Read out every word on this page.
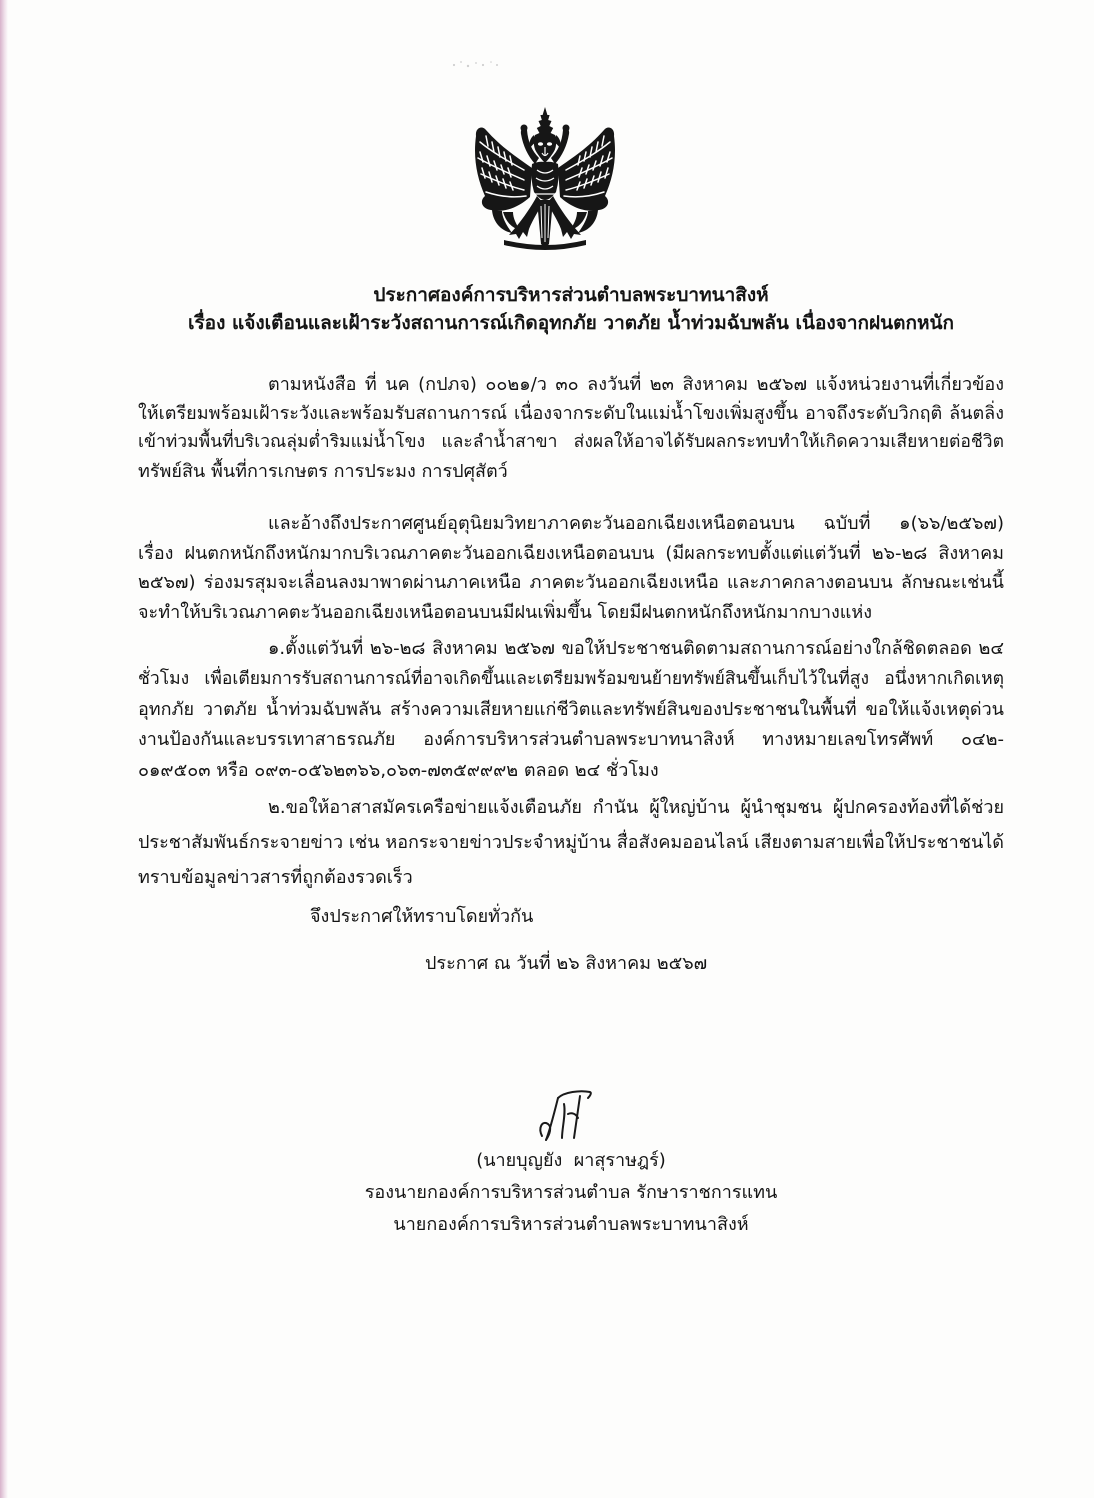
ประกาศองค์การบริหารส่วนตำบลพระบาทนาสิงห์
เรื่อง แจ้งเตือนและเฝ้าระวังสถานการณ์เกิดอุทกภัย วาตภัย น้ำท่วมฉับพลัน เนื่องจากฝนตกหนัก
ตามหนังสือ ที่ นค (กปภจ) ๐๐๒๑/ว ๓๐ ลงวันที่ ๒๓ สิงหาคม ๒๕๖๗ แจ้งหน่วยงานที่เกี่ยวข้อง
ให้เตรียมพร้อมเฝ้าระวังและพร้อมรับสถานการณ์ เนื่องจากระดับในแม่น้ำโขงเพิ่มสูงขึ้น อาจถึงระดับวิกฤติ ล้นตลิ่ง
เข้าท่วมพื้นที่บริเวณลุ่มต่ำริมแม่น้ำโขง และลำน้ำสาขา ส่งผลให้อาจได้รับผลกระทบทำให้เกิดความเสียหายต่อชีวิต
ทรัพย์สิน พื้นที่การเกษตร การประมง การปศุสัตว์
และอ้างถึงประกาศศูนย์อุตุนิยมวิทยาภาคตะวันออกเฉียงเหนือตอนบน ฉบับที่ ๑(๖๖/๒๕๖๗)
เรื่อง ฝนตกหนักถึงหนักมากบริเวณภาคตะวันออกเฉียงเหนือตอนบน (มีผลกระทบตั้งแต่แต่วันที่ ๒๖-๒๘ สิงหาคม
๒๕๖๗) ร่องมรสุมจะเลื่อนลงมาพาดผ่านภาคเหนือ ภาคตะวันออกเฉียงเหนือ และภาคกลางตอนบน ลักษณะเช่นนี้
จะทำให้บริเวณภาคตะวันออกเฉียงเหนือตอนบนมีฝนเพิ่มขึ้น โดยมีฝนตกหนักถึงหนักมากบางแห่ง
๑.ตั้งแต่วันที่ ๒๖-๒๘ สิงหาคม ๒๕๖๗ ขอให้ประชาชนติดตามสถานการณ์อย่างใกล้ชิดตลอด ๒๔
ชั่วโมง เพื่อเตียมการรับสถานการณ์ที่อาจเกิดขึ้นและเตรียมพร้อมขนย้ายทรัพย์สินขึ้นเก็บไว้ในที่สูง อนึ่งหากเกิดเหตุ
อุทกภัย วาตภัย น้ำท่วมฉับพลัน สร้างความเสียหายแก่ชีวิตและทรัพย์สินของประชาชนในพื้นที่ ขอให้แจ้งเหตุด่วน
งานป้องกันและบรรเทาสาธรณภัย องค์การบริหารส่วนตำบลพระบาทนาสิงห์ ทางหมายเลขโทรศัพท์ ๐๔๒-
๐๑๙๕๐๓ หรือ ๐๙๓-๐๕๖๒๓๖๖,๐๖๓-๗๓๕๙๙๙๒ ตลอด ๒๔ ชั่วโมง
๒.ขอให้อาสาสมัครเครือข่ายแจ้งเตือนภัย กำนัน ผู้ใหญ่บ้าน ผู้นำชุมชน ผู้ปกครองท้องที่ได้ช่วย
ประชาสัมพันธ์กระจายข่าว เช่น หอกระจายข่าวประจำหมู่บ้าน สื่อสังคมออนไลน์ เสียงตามสายเพื่อให้ประชาชนได้
ทราบข้อมูลข่าวสารที่ถูกต้องรวดเร็ว
จึงประกาศให้ทราบโดยทั่วกัน
ประกาศ ณ วันที่ ๒๖ สิงหาคม ๒๕๖๗
(นายบุญยัง  ผาสุราษฎร์)
รองนายกองค์การบริหารส่วนตำบล รักษาราชการแทน
นายกองค์การบริหารส่วนตำบลพระบาทนาสิงห์
